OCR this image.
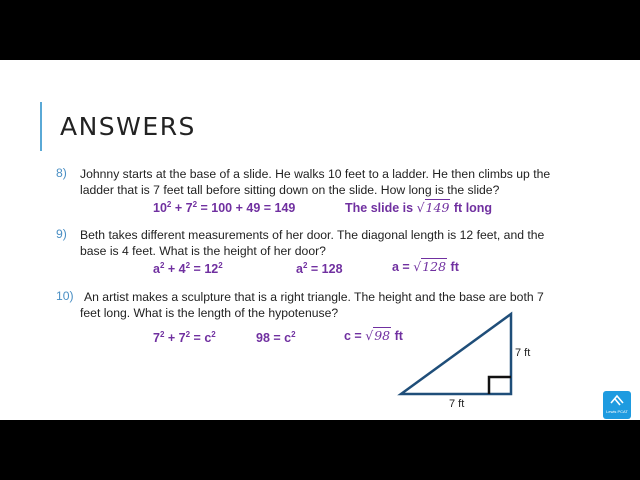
ANSWERS
8) Johnny starts at the base of a slide. He walks 10 feet to a ladder. He then climbs up the
ladder that is 7 feet tall before sitting down on the slide. How long is the slide?
$10^2 + 7^2 = 100 + 49 = 149$	The slide is √149 ft long
9) Beth takes different measurements of her door. The diagonal length is 12 feet, and the
base is 4 feet. What is the height of her door?
$a^2 + 4^2 = 12^2$	$a^2 = 128$	a = √128 ft
10) An artist makes a sculpture that is a right triangle. The height and the base are both 7
feet long. What is the length of the hypotenuse?
$7^2 + 7^2 = c^2$	$98 = c^2$	c = √98 ft
7 ft
7 ft
Lewis PCAT
